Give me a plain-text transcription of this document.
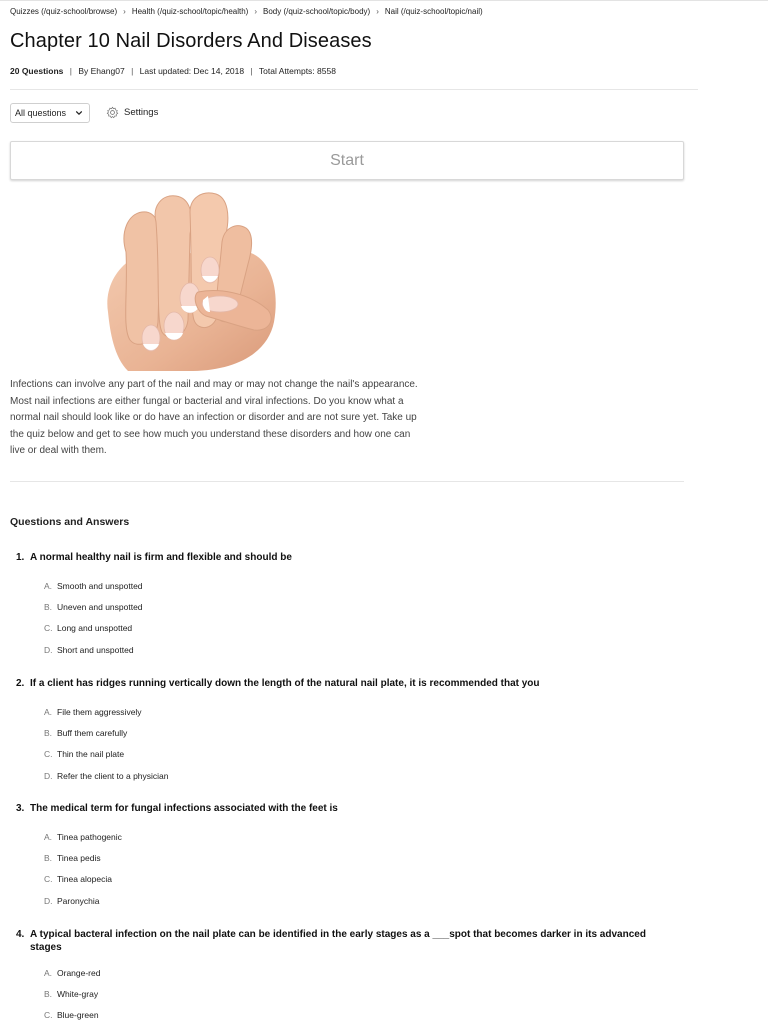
Quizzes (/quiz-school/browse) › Health (/quiz-school/topic/health) › Body (/quiz-school/topic/body) › Nail (/quiz-school/topic/nail)
Chapter 10 Nail Disorders And Diseases
20 Questions | By Ehang07 | Last updated: Dec 14, 2018 | Total Attempts: 8558
All questions	Settings
Start

Infections can involve any part of the nail and may or may not change the nail's appearance. Most nail infections are either fungal or bacterial and viral infections. Do you know what a normal nail should look like or do have an infection or disorder and are not sure yet. Take up the quiz below and get to see how much you understand these disorders and how one can live or deal with them.

Questions and Answers
1. A normal healthy nail is firm and flexible and should be
A. Smooth and unspotted
B. Uneven and unspotted
C. Long and unspotted
D. Short and unspotted
2. If a client has ridges running vertically down the length of the natural nail plate, it is recommended that you
A. File them aggressively
B. Buff them carefully
C. Thin the nail plate
D. Refer the client to a physician
3. The medical term for fungal infections associated with the feet is
A. Tinea pathogenic
B. Tinea pedis
C. Tinea alopecia
D. Paronychia
4. A typical bacteral infection on the nail plate can be identified in the early stages as a ___spot that becomes darker in its advanced stages
A. Orange-red
B. White-gray
C. Blue-green
